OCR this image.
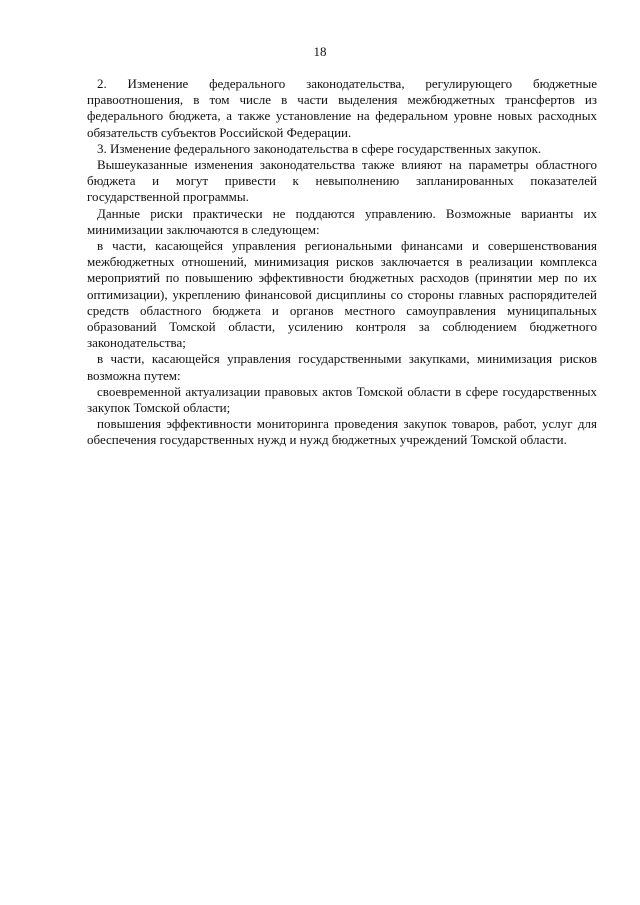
18

2. Изменение федерального законодательства, регулирующего бюджетные правоотношения, в том числе в части выделения межбюджетных трансфертов из федерального бюджета, а также установление на федеральном уровне новых расходных обязательств субъектов Российской Федерации.

3. Изменение федерального законодательства в сфере государственных закупок.

Вышеуказанные изменения законодательства также влияют на параметры областного бюджета и могут привести к невыполнению запланированных показателей государственной программы.

Данные риски практически не поддаются управлению. Возможные варианты их минимизации заключаются в следующем:

в части, касающейся управления региональными финансами и совершенствования межбюджетных отношений, минимизация рисков заключается в реализации комплекса мероприятий по повышению эффективности бюджетных расходов (принятии мер по их оптимизации), укреплению финансовой дисциплины со стороны главных распорядителей средств областного бюджета и органов местного самоуправления муниципальных образований Томской области, усилению контроля за соблюдением бюджетного законодательства;

в части, касающейся управления государственными закупками, минимизация рисков возможна путем:

своевременной актуализации правовых актов Томской области в сфере государственных закупок Томской области;

повышения эффективности мониторинга проведения закупок товаров, работ, услуг для обеспечения государственных нужд и нужд бюджетных учреждений Томской области.
